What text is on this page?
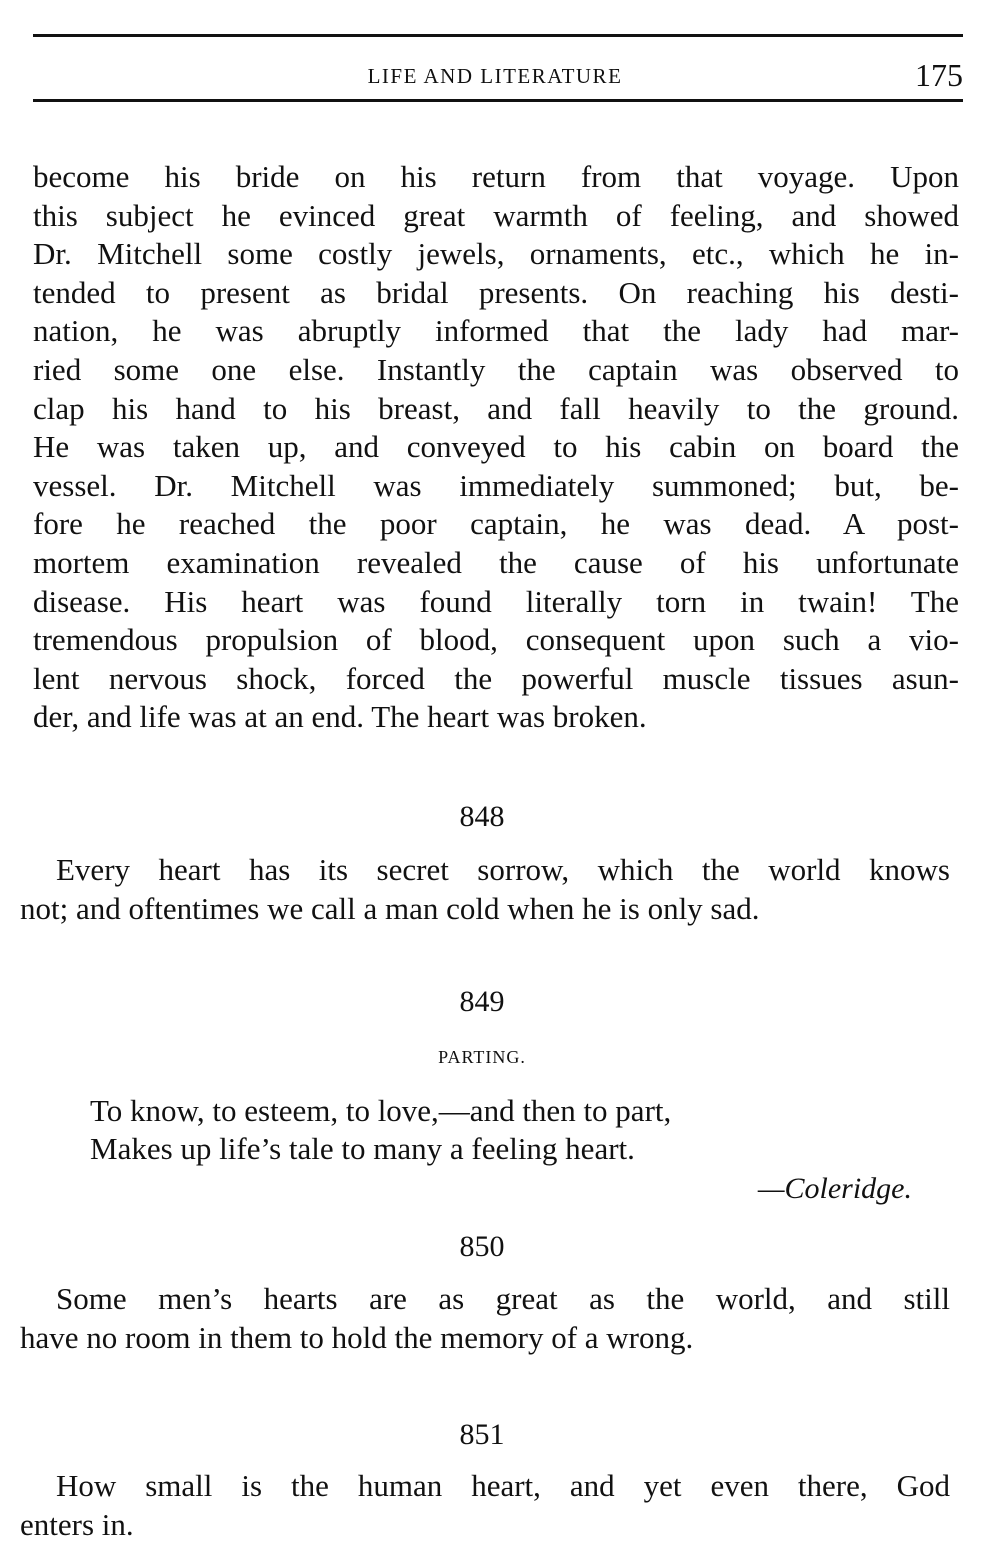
LIFE AND LITERATURE	175
become his bride on his return from that voyage. Upon
this subject he evinced great warmth of feeling, and showed
Dr. Mitchell some costly jewels, ornaments, etc., which he in-
tended to present as bridal presents. On reaching his desti-
nation, he was abruptly informed that the lady had mar-
ried some one else. Instantly the captain was observed to
clap his hand to his breast, and fall heavily to the ground.
He was taken up, and conveyed to his cabin on board the
vessel. Dr. Mitchell was immediately summoned; but, be-
fore he reached the poor captain, he was dead. A post-
mortem examination revealed the cause of his unfortunate
disease. His heart was found literally torn in twain! The
tremendous propulsion of blood, consequent upon such a vio-
lent nervous shock, forced the powerful muscle tissues asun-
der, and life was at an end. The heart was broken.
848
Every heart has its secret sorrow, which the world knows
not; and oftentimes we call a man cold when he is only sad.
849
PARTING.
To know, to esteem, to love,—and then to part,
Makes up life’s tale to many a feeling heart.
—Coleridge.
850
Some men’s hearts are as great as the world, and still
have no room in them to hold the memory of a wrong.
851
How small is the human heart, and yet even there, God
enters in.
